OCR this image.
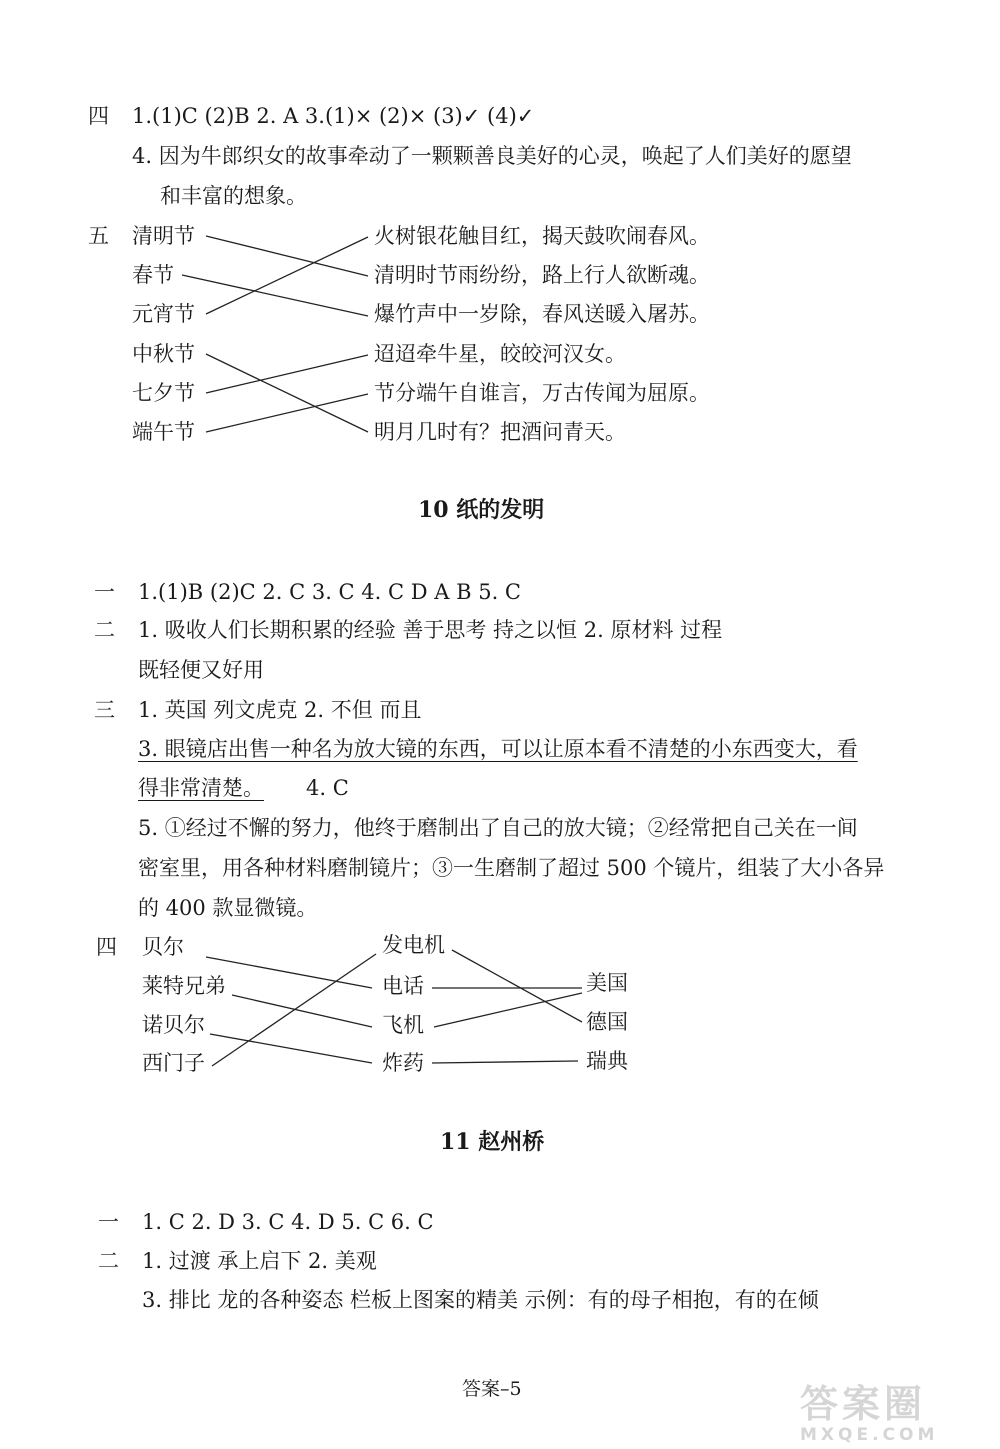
四 1.(1)C (2)B 2. A 3.(1)× (2)× (3)✓ (4)✓
4. 因为牛郎织女的故事牵动了一颗颗善良美好的心灵，唤起了人们美好的愿望
和丰富的想象。
五 清明节
春节
元宵节
中秋节
七夕节
端午节
火树银花触目红，揭天鼓吹闹春风。
清明时节雨纷纷，路上行人欲断魂。
爆竹声中一岁除，春风送暖入屠苏。
迢迢牵牛星，皎皎河汉女。
节分端午自谁言，万古传闻为屈原。
明月几时有？把酒问青天。
10 纸的发明
一 1.(1)B (2)C 2. C 3. C 4. C D A B 5. C
二 1. 吸收人们长期积累的经验 善于思考 持之以恒 2. 原材料 过程
既轻便又好用
三 1. 英国 列文虎克 2. 不但 而且
3. 眼镜店出售一种名为放大镜的东西，可以让原本看不清楚的小东西变大，看
得非常清楚。 4. C
5. ①经过不懈的努力，他终于磨制出了自己的放大镜；②经常把自己关在一间
密室里，用各种材料磨制镜片；③一生磨制了超过 500 个镜片，组装了大小各异
的 400 款显微镜。
四 贝尔
莱特兄弟
诺贝尔
西门子
发电机
电话
飞机
炸药
美国
德国
瑞典
11 赵州桥
一 1. C 2. D 3. C 4. D 5. C 6. C
二 1. 过渡 承上启下 2. 美观
3. 排比 龙的各种姿态 栏板上图案的精美 示例：有的母子相抱，有的在倾
答案–5	答案圈
MXQE.COM
